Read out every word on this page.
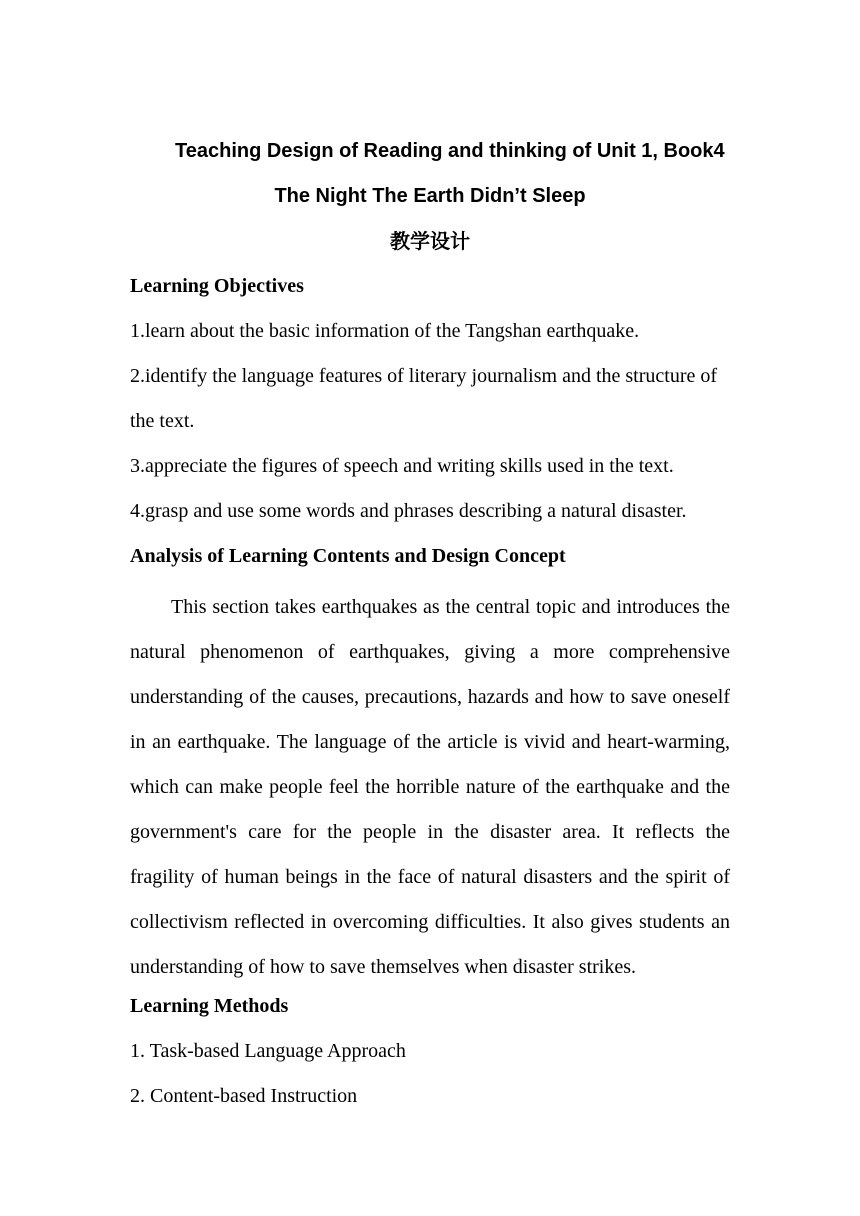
Teaching Design of Reading and thinking of Unit 1, Book4
The Night The Earth Didn’t Sleep
教学设计
Learning Objectives
1.learn about the basic information of the Tangshan earthquake.
2.identify the language features of literary journalism and the structure of
the text.
3.appreciate the figures of speech and writing skills used in the text.
4.grasp and use some words and phrases describing a natural disaster.
Analysis of Learning Contents and Design Concept
This section takes earthquakes as the central topic and introduces the natural phenomenon of earthquakes, giving a more comprehensive understanding of the causes, precautions, hazards and how to save oneself in an earthquake. The language of the article is vivid and heart-warming, which can make people feel the horrible nature of the earthquake and the government's care for the people in the disaster area. It reflects the fragility of human beings in the face of natural disasters and the spirit of collectivism reflected in overcoming difficulties. It also gives students an understanding of how to save themselves when disaster strikes.
Learning Methods
1. Task-based Language Approach
2. Content-based Instruction
